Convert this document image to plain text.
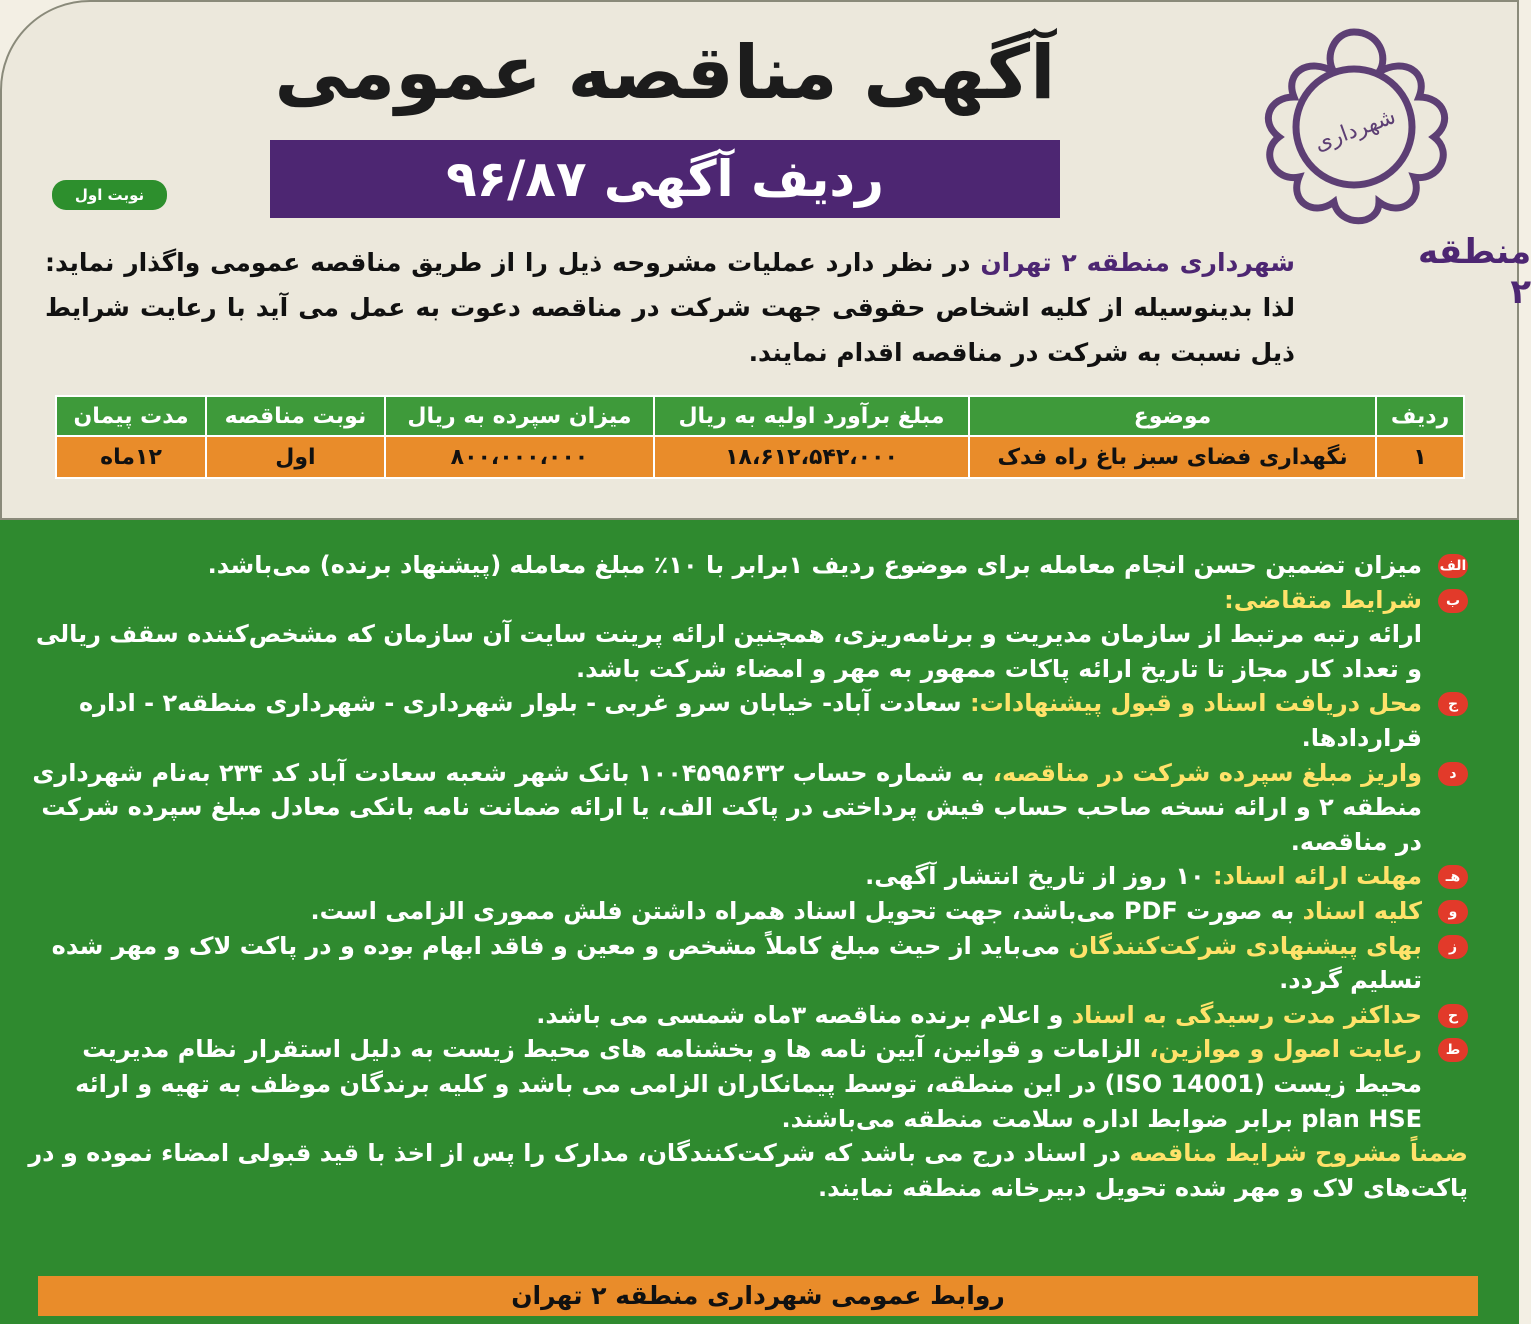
شهرداری
منطقه ۲
آگهی مناقصه عمومی
ردیف آگهی ۹۶/۸۷
نوبت اول
شهرداری منطقه ۲ تهران در نظر دارد عملیات مشروحه ذیل را از طریق مناقصه عمومی واگذار نماید: لذا بدینوسیله از کلیه اشخاص حقوقی جهت شرکت در مناقصه دعوت به عمل می آید با رعایت شرایط ذیل نسبت به شرکت در مناقصه اقدام نمایند.
ردیف	موضوع	مبلغ برآورد اولیه به ریال	میزان سپرده به ریال	نوبت مناقصه	مدت پیمان
۱	نگهداری فضای سبز باغ راه فدک	۱۸،۶۱۲،۵۴۲،۰۰۰	۸۰۰،۰۰۰،۰۰۰	اول	۱۲ماه

الف
میزان تضمین حسن انجام معامله برای موضوع ردیف ۱برابر با ۱۰٪ مبلغ معامله (پیشنهاد برنده) می‌باشد.

ب
شرایط متقاضی:
ارائه رتبه مرتبط از سازمان مدیریت و برنامه‌ریزی، همچنین ارائه پرینت سایت آن سازمان که مشخص‌کننده سقف ریالی و تعداد کار مجاز تا تاریخ ارائه پاکات ممهور به مهر و امضاء شرکت باشد.

ج
محل دریافت اسناد و قبول پیشنهادات: سعادت آباد- خیابان سرو غربی - بلوار شهرداری - شهرداری منطقه۲ - اداره قراردادها.

د
واریز مبلغ سپرده شرکت در مناقصه، به شماره حساب ۱۰۰۴۵۹۵۶۳۲ بانک شهر شعبه سعادت آباد کد ۲۳۴ به‌نام شهرداری منطقه ۲ و ارائه نسخه صاحب حساب فیش پرداختی در پاکت الف، یا ارائه ضمانت نامه بانکی معادل مبلغ سپرده شرکت در مناقصه.

هـ
مهلت ارائه اسناد: ۱۰ روز از تاریخ انتشار آگهی.

و
کلیه اسناد به صورت PDF می‌باشد، جهت تحویل اسناد همراه داشتن فلش مموری الزامی است.

ز
بهای پیشنهادی شرکت‌کنندگان می‌باید از حیث مبلغ کاملاً مشخص و معین و فاقد ابهام بوده و در پاکت لاک و مهر شده تسلیم گردد.

ح
حداکثر مدت رسیدگی به اسناد و اعلام برنده مناقصه ۳ماه شمسی می باشد.

ط
رعایت اصول و موازین، الزامات و قوانین، آیین نامه ها و بخشنامه های محیط زیست به دلیل استقرار نظام مدیریت محیط زیست (ISO 14001) در این منطقه، توسط پیمانکاران الزامی می باشد و کلیه برندگان موظف به تهیه و ارائه plan HSE برابر ضوابط اداره سلامت منطقه می‌باشند.

ضمناً مشروح شرایط مناقصه در اسناد درج می باشد که شرکت‌کنندگان، مدارک را پس از اخذ با قید قبولی امضاء نموده و در پاکت‌های لاک و مهر شده تحویل دبیرخانه منطقه نمایند.

روابط عمومی شهرداری منطقه ۲ تهران
